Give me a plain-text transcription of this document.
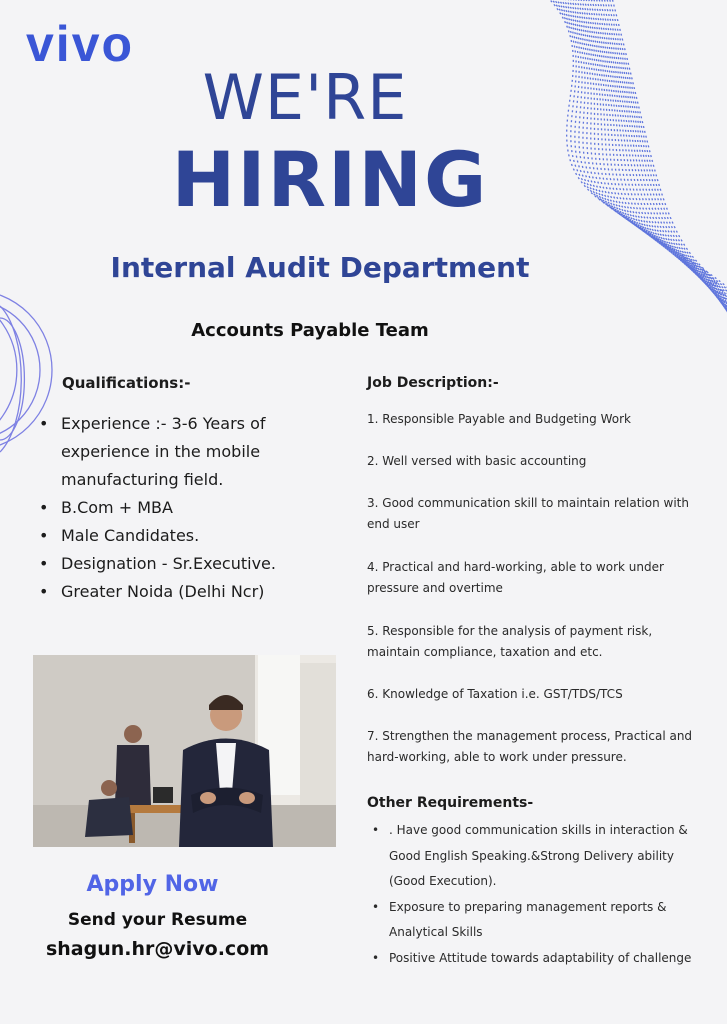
vivo
WE'RE
HIRING
Internal Audit Department
Accounts Payable Team
Qualifications:-
• Experience :- 3-6 Years of experience in the mobile manufacturing field.
• B.Com + MBA
• Male Candidates.
• Designation - Sr.Executive.
• Greater Noida (Delhi Ncr)
Apply Now
Send your Resume
shagun.hr@vivo.com
Job Description:-
1. Responsible Payable and Budgeting Work
2. Well versed with basic accounting
3. Good communication skill to maintain relation with end user
4. Practical and hard-working, able to work under pressure and overtime
5. Responsible for the analysis of payment risk, maintain compliance, taxation and etc.
6. Knowledge of Taxation i.e. GST/TDS/TCS
7. Strengthen the management process, Practical and hard-working, able to work under pressure.
Other Requirements-
• . Have good communication skills in interaction & Good English Speaking.&Strong Delivery ability (Good Execution).
• Exposure to preparing management reports & Analytical Skills
• Positive Attitude towards adaptability of challenge
